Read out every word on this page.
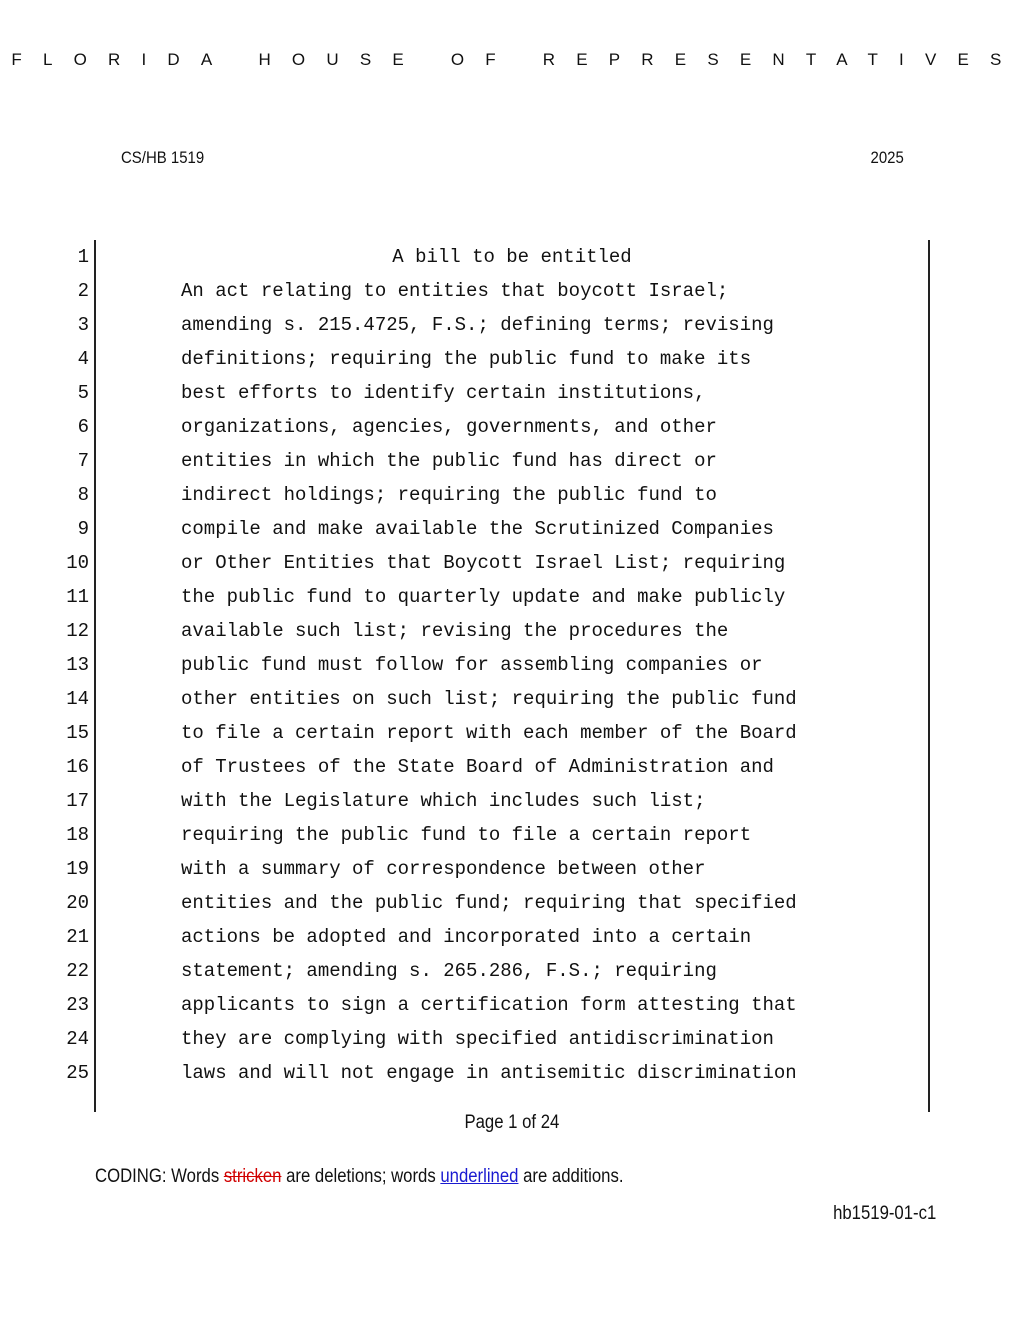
FLORIDA HOUSE OF REPRESENTATIVES
CS/HB 1519	2025
1	A bill to be entitled
2	An act relating to entities that boycott Israel;
3	amending s. 215.4725, F.S.; defining terms; revising
4	definitions; requiring the public fund to make its
5	best efforts to identify certain institutions,
6	organizations, agencies, governments, and other
7	entities in which the public fund has direct or
8	indirect holdings; requiring the public fund to
9	compile and make available the Scrutinized Companies
10	or Other Entities that Boycott Israel List; requiring
11	the public fund to quarterly update and make publicly
12	available such list; revising the procedures the
13	public fund must follow for assembling companies or
14	other entities on such list; requiring the public fund
15	to file a certain report with each member of the Board
16	of Trustees of the State Board of Administration and
17	with the Legislature which includes such list;
18	requiring the public fund to file a certain report
19	with a summary of correspondence between other
20	entities and the public fund; requiring that specified
21	actions be adopted and incorporated into a certain
22	statement; amending s. 265.286, F.S.; requiring
23	applicants to sign a certification form attesting that
24	they are complying with specified antidiscrimination
25	laws and will not engage in antisemitic discrimination
Page 1 of 24
CODING: Words stricken are deletions; words underlined are additions.
hb1519-01-c1
